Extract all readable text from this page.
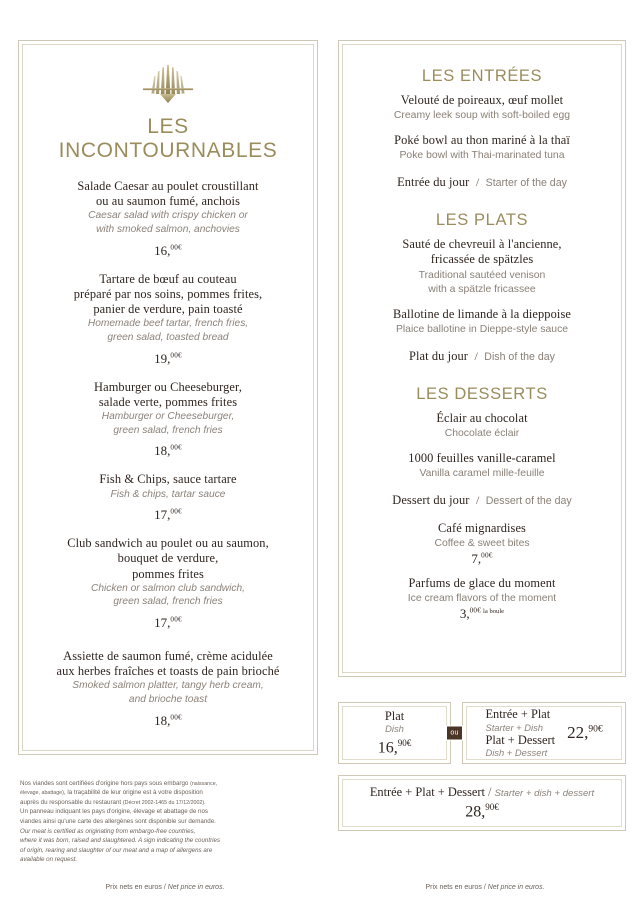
LES INCONTOURNABLES
Salade Caesar au poulet croustillant
ou au saumon fumé, anchois
Caesar salad with crispy chicken or
with smoked salmon, anchovies
16,$^{00€}$
Tartare de bœuf au couteau
préparé par nos soins, pommes frites,
panier de verdure, pain toasté
Homemade beef tartar, french fries,
green salad, toasted bread
19,$^{00€}$
Hamburger ou Cheeseburger,
salade verte, pommes frites
Hamburger or Cheeseburger,
green salad, french fries
18,$^{00€}$
Fish & Chips, sauce tartare
Fish & chips, tartar sauce
17,$^{00€}$
Club sandwich au poulet ou au saumon,
bouquet de verdure,
pommes frites
Chicken or salmon club sandwich,
green salad, french fries
17,$^{00€}$
Assiette de saumon fumé, crème acidulée
aux herbes fraîches et toasts de pain brioché
Smoked salmon platter, tangy herb cream,
and brioche toast
18,$^{00€}$
Nos viandes sont certifiées d'origine hors pays sous embargo (naissance,
élevage, abattage), la traçabilité de leur origine est à votre disposition
auprès du responsable du restaurant (Décret 2002-1465 du 17/12/2002).
Un panneau indiquant les pays d'origine, élevage et abattage de nos
viandes ainsi qu'une carte des allergènes sont disponible sur demande.
Our meat is certified as originating from embargo-free countries,
where it was born, raised and slaughtered. A sign indicating the countries
of origin, rearing and slaughter of our meat and a map of allergens are
available on request.
Prix nets en euros / Net price in euros.
LES ENTRÉES
Velouté de poireaux, œuf mollet
Creamy leek soup with soft-boiled egg
Poké bowl au thon mariné à la thaï
Poke bowl with Thai-marinated tuna
Entrée du jour / Starter of the day
LES PLATS
Sauté de chevreuil à l'ancienne,
fricassée de spätzles
Traditional sautéed venison
with a spätzle fricassee
Ballotine de limande à la dieppoise
Plaice ballotine in Dieppe-style sauce
Plat du jour / Dish of the day
LES DESSERTS
Éclair au chocolat
Chocolate éclair
1000 feuilles vanille-caramel
Vanilla caramel mille-feuille
Dessert du jour / Dessert of the day
Café mignardises
Coffee & sweet bites
7,$^{00€}$
Parfums de glace du moment
Ice cream flavors of the moment
3,$^{00€}$ $^{la boule}$
Plat
Dish
16,$^{90€}$
ou
Entrée + Plat
Starter + Dish
Plat + Dessert
Dish + Dessert
22,$^{90€}$
Entrée + Plat + Dessert / Starter + dish + dessert
28,$^{90€}$
Prix nets en euros / Net price in euros.
